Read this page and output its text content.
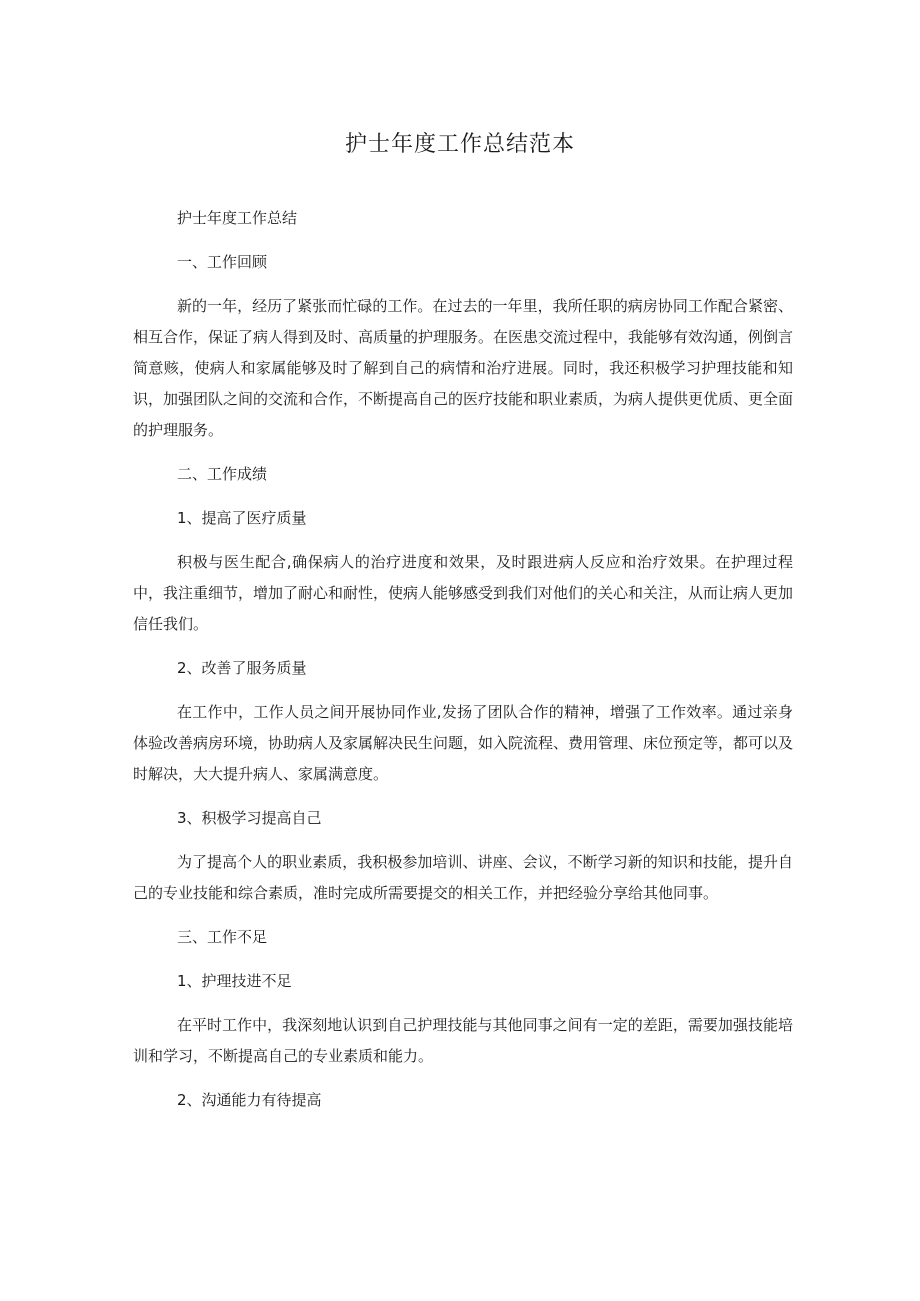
护士年度工作总结范本

护士年度工作总结

一、工作回顾

新的一年，经历了紧张而忙碌的工作。在过去的一年里，我所任职的病房协同工作配合紧密、相互合作，保证了病人得到及时、高质量的护理服务。在医患交流过程中，我能够有效沟通，例倒言简意赅，使病人和家属能够及时了解到自己的病情和治疗进展。同时，我还积极学习护理技能和知识，加强团队之间的交流和合作，不断提高自己的医疗技能和职业素质，为病人提供更优质、更全面的护理服务。

二、工作成绩

1、提高了医疗质量

积极与医生配合,确保病人的治疗进度和效果，及时跟进病人反应和治疗效果。在护理过程中，我注重细节，增加了耐心和耐性，使病人能够感受到我们对他们的关心和关注，从而让病人更加信任我们。

2、改善了服务质量

在工作中，工作人员之间开展协同作业,发扬了团队合作的精神，增强了工作效率。通过亲身体验改善病房环境，协助病人及家属解决民生问题，如入院流程、费用管理、床位预定等，都可以及时解决，大大提升病人、家属满意度。

3、积极学习提高自己

为了提高个人的职业素质，我积极参加培训、讲座、会议，不断学习新的知识和技能，提升自己的专业技能和综合素质，准时完成所需要提交的相关工作，并把经验分享给其他同事。

三、工作不足

1、护理技进不足

在平时工作中，我深刻地认识到自己护理技能与其他同事之间有一定的差距，需要加强技能培训和学习，不断提高自己的专业素质和能力。

2、沟通能力有待提高
